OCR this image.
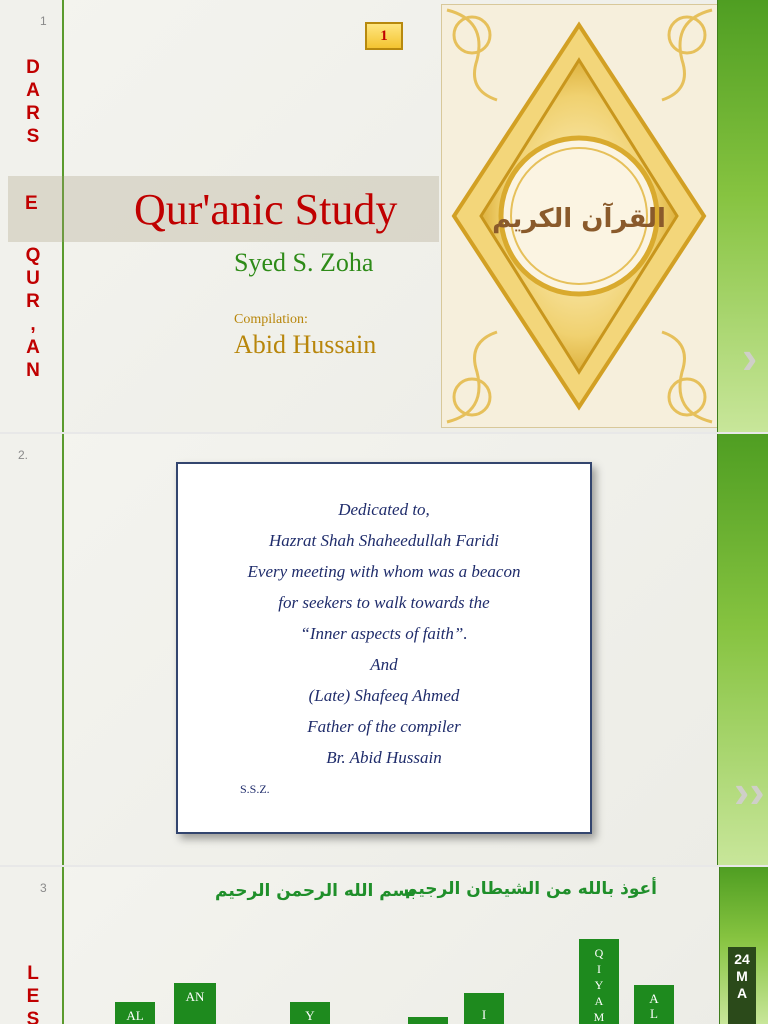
1
D
A
R
S
E
Q
U
R
,
A
N
Qur'anic Study
Syed S. Zoha
Compilation:
Abid Hussain
1
القرآن الكريم
›
2.
Dedicated to,
Hazrat Shah Shaheedullah Faridi
Every meeting with whom was a beacon
for seekers to walk towards the
“Inner aspects of faith”.
And
(Late) Shafeeq Ahmed
Father of the compiler
Br. Abid Hussain
S.S.Z.	››
3	أعوذ بالله من الشيطان الرجيم
بسم الله الرحمن الرحيم
L
E
S	AL
AN
Y	I
Q I Y A M
A L
24
M
A
